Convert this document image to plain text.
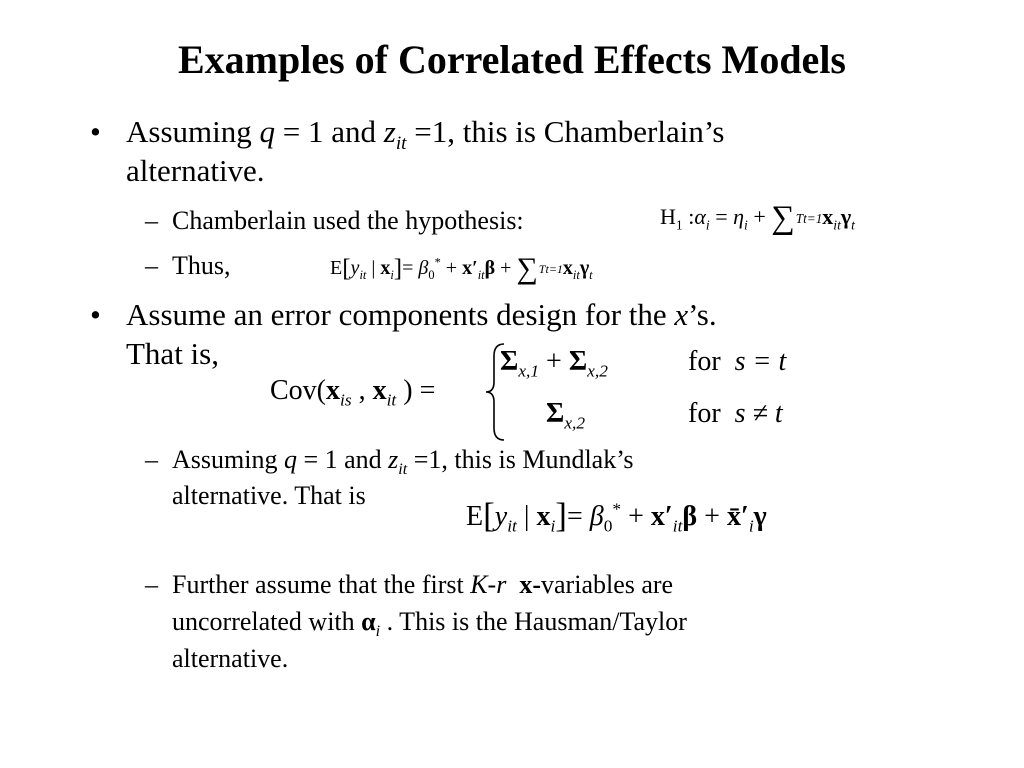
Examples of Correlated Effects Models
• Assuming q = 1 and $z_{it} =1$, this is Chamberlain’s
alternative.
– Chamberlain used the hypothesis:	$H_1$ $:\alpha_i = \eta_i + \sum Tt=1x_{it}\gamma_t$
– Thus,	$E[y_{it}$ | $x_i]= \beta_0^* + x'_{it}\beta + \sum Tt=1x_{it}\gamma_t$
• Assume an error components design for the x’s.
That is,
$Cov(x_{is}$ , $x_{it}$ ) =
$\Sigma_{x,1} + \Sigma_{x,2}$	for s = t
$\Sigma_{x,2}$	for s ≠ t
– Assuming q = 1 and $z_{it} =1$, this is Mundlak’s
alternative. That is
$E[y_{it}$ | $x_i]= \beta_0^* + x'_{it}\beta$ + $x̄'_i\gamma$
– Further assume that the first K-r x-variables are
uncorrelated with $\alpha_i$ . This is the Hausman/Taylor
alternative.
